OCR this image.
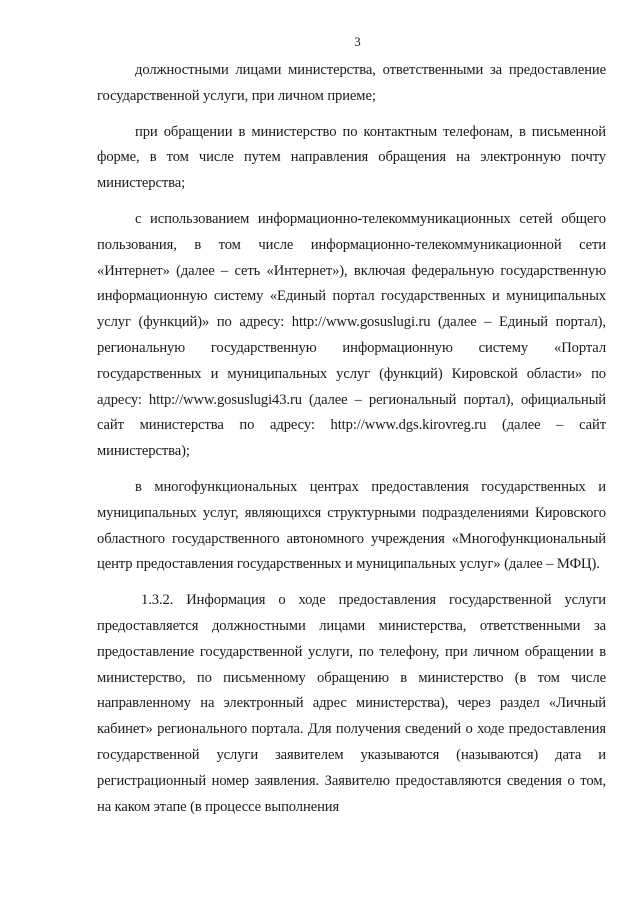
3

должностными лицами министерства, ответственными за предоставление государственной услуги, при личном приеме;

при обращении в министерство по контактным телефонам, в письменной форме, в том числе путем направления обращения на электронную почту министерства;

с использованием информационно-телекоммуникационных сетей общего пользования, в том числе информационно-телекоммуникационной сети «Интернет» (далее – сеть «Интернет»), включая федеральную государственную информационную систему «Единый портал государственных и муниципальных услуг (функций)» по адресу: http://www.gosuslugi.ru (далее – Единый портал), региональную государственную информационную систему «Портал государственных и муниципальных услуг (функций) Кировской области» по адресу: http://www.gosuslugi43.ru (далее – региональный портал), официальный сайт министерства по адресу: http://www.dgs.kirovreg.ru (далее – сайт министерства);

в многофункциональных центрах предоставления государственных и муниципальных услуг, являющихся структурными подразделениями Кировского областного государственного автономного учреждения «Многофункциональный центр предоставления государственных и муниципальных услуг» (далее – МФЦ).

1.3.2. Информация о ходе предоставления государственной услуги предоставляется должностными лицами министерства, ответственными за предоставление государственной услуги, по телефону, при личном обращении в министерство, по письменному обращению в министерство (в том числе направленному на электронный адрес министерства), через раздел «Личный кабинет» регионального портала. Для получения сведений о ходе предоставления государственной услуги заявителем указываются (называются) дата и регистрационный номер заявления. Заявителю предоставляются сведения о том, на каком этапе (в процессе выполнения
